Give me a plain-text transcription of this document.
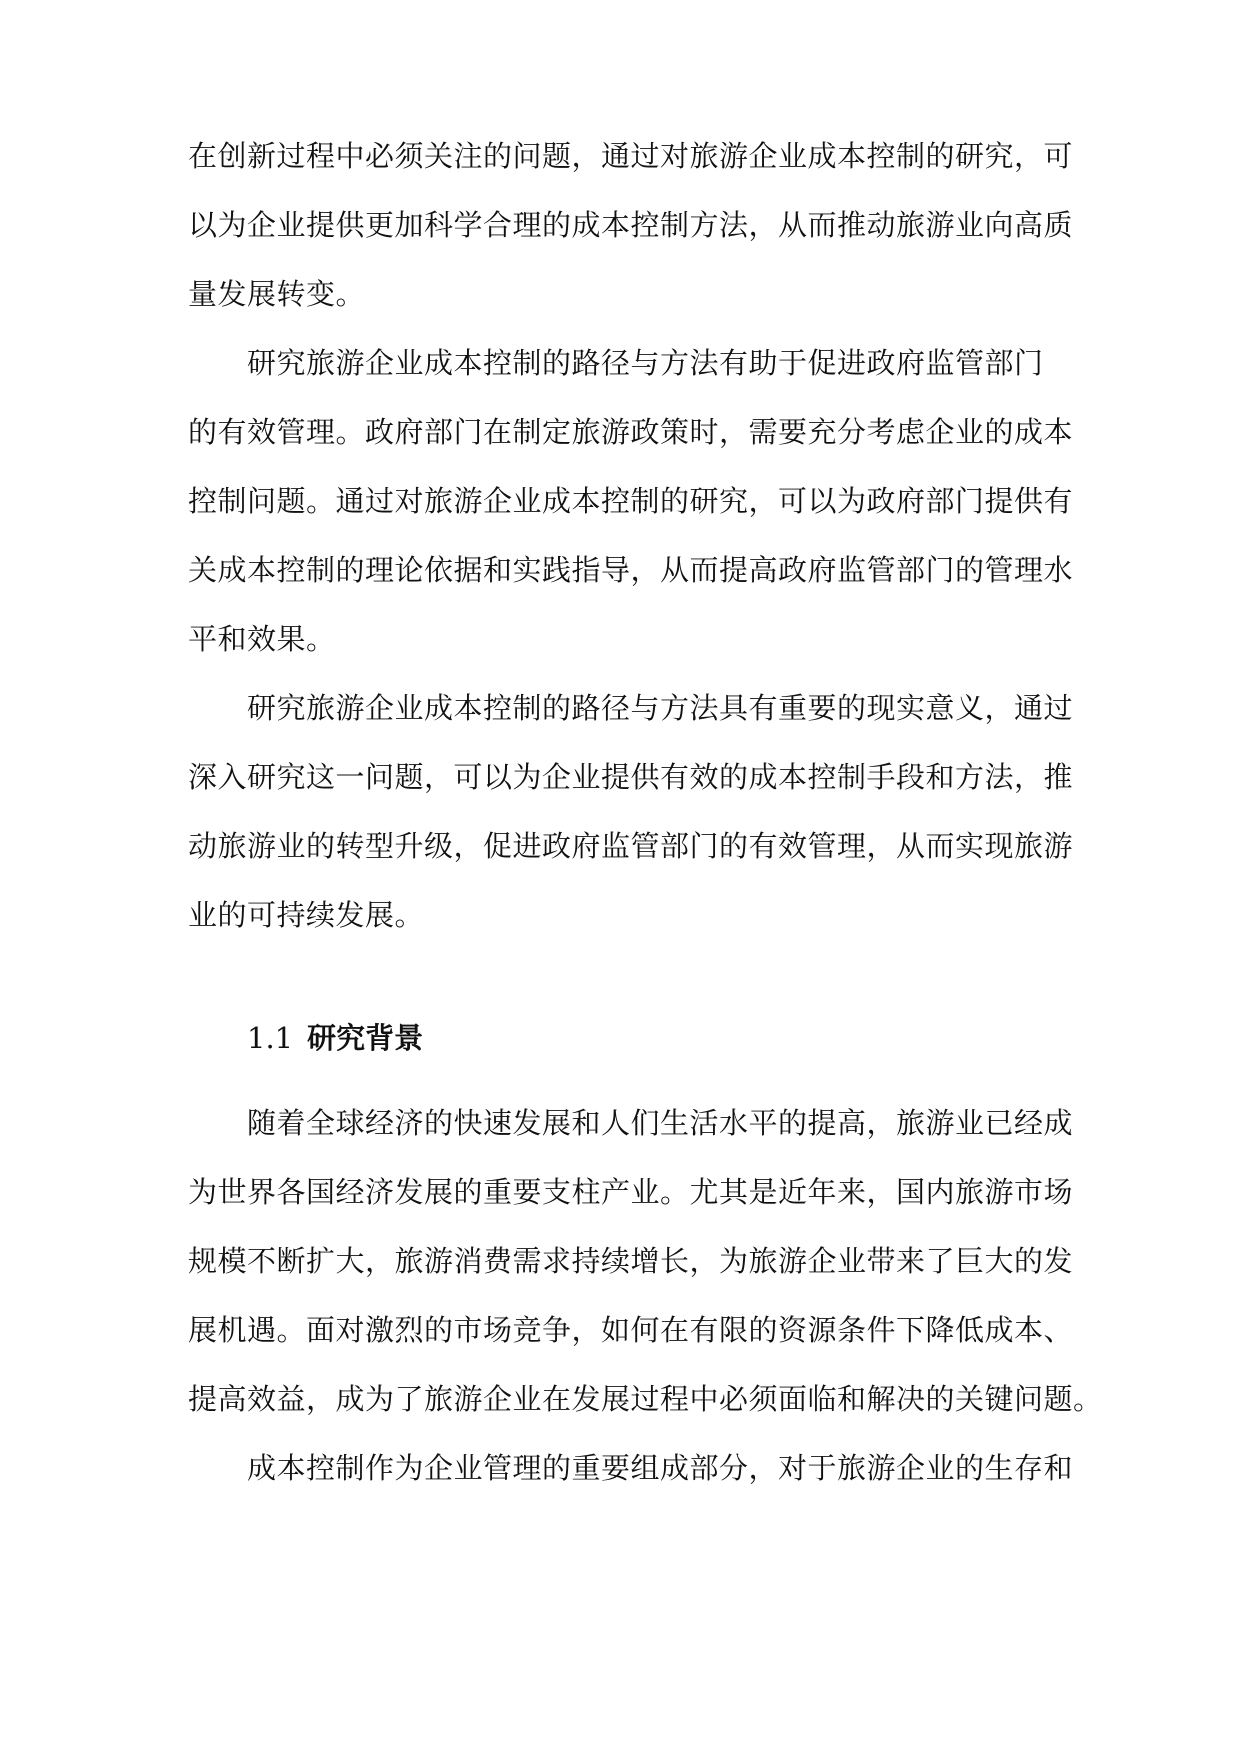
在创新过程中必须关注的问题，通过对旅游企业成本控制的研究，可
以为企业提供更加科学合理的成本控制方法，从而推动旅游业向高质
量发展转变。
研究旅游企业成本控制的路径与方法有助于促进政府监管部门
的有效管理。政府部门在制定旅游政策时，需要充分考虑企业的成本
控制问题。通过对旅游企业成本控制的研究，可以为政府部门提供有
关成本控制的理论依据和实践指导，从而提高政府监管部门的管理水
平和效果。
研究旅游企业成本控制的路径与方法具有重要的现实意义，通过
深入研究这一问题，可以为企业提供有效的成本控制手段和方法，推
动旅游业的转型升级，促进政府监管部门的有效管理，从而实现旅游
业的可持续发展。
1.1 研究背景
随着全球经济的快速发展和人们生活水平的提高，旅游业已经成
为世界各国经济发展的重要支柱产业。尤其是近年来，国内旅游市场
规模不断扩大，旅游消费需求持续增长，为旅游企业带来了巨大的发
展机遇。面对激烈的市场竞争，如何在有限的资源条件下降低成本、
提高效益，成为了旅游企业在发展过程中必须面临和解决的关键问题。
成本控制作为企业管理的重要组成部分，对于旅游企业的生存和
